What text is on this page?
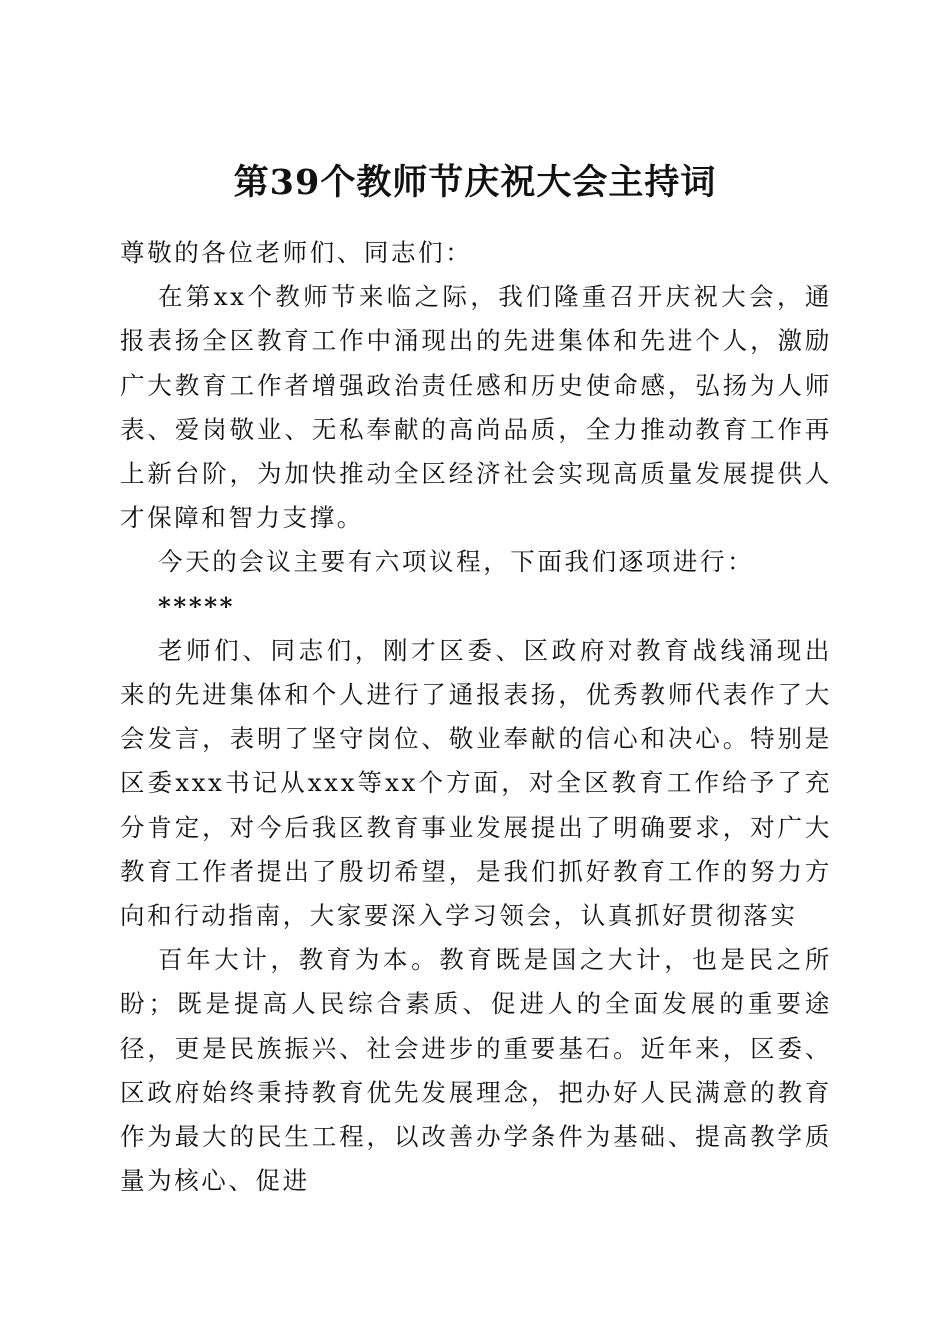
第39个教师节庆祝大会主持词

尊敬的各位老师们、同志们：

在第xx个教师节来临之际，我们隆重召开庆祝大会，通报表扬全区教育工作中涌现出的先进集体和先进个人，激励广大教育工作者增强政治责任感和历史使命感，弘扬为人师表、爱岗敬业、无私奉献的高尚品质，全力推动教育工作再上新台阶，为加快推动全区经济社会实现高质量发展提供人才保障和智力支撑。

今天的会议主要有六项议程，下面我们逐项进行：

*****

老师们、同志们，刚才区委、区政府对教育战线涌现出来的先进集体和个人进行了通报表扬，优秀教师代表作了大会发言，表明了坚守岗位、敬业奉献的信心和决心。特别是区委xxx书记从xxx等xx个方面，对全区教育工作给予了充分肯定，对今后我区教育事业发展提出了明确要求，对广大教育工作者提出了殷切希望，是我们抓好教育工作的努力方向和行动指南，大家要深入学习领会，认真抓好贯彻落实

百年大计，教育为本。教育既是国之大计，也是民之所盼；既是提高人民综合素质、促进人的全面发展的重要途径，更是民族振兴、社会进步的重要基石。近年来，区委、区政府始终秉持教育优先发展理念，把办好人民满意的教育作为最大的民生工程，以改善办学条件为基础、提高教学质量为核心、促进
